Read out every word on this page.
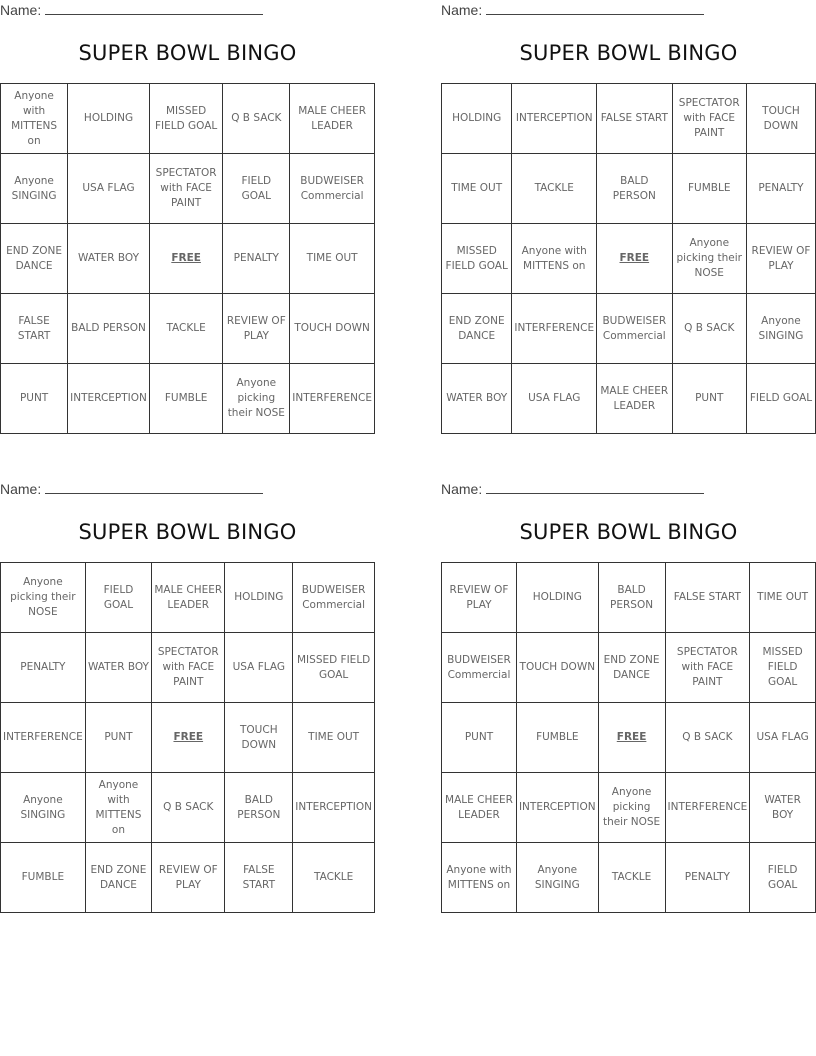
Name:
SUPER BOWL BINGO
Anyone with MITTENS on	HOLDING	MISSED FIELD GOAL	Q B SACK	MALE CHEER LEADER
Anyone SINGING	USA FLAG	SPECTATOR with FACE PAINT	FIELD GOAL	BUDWEISER Commercial
END ZONE DANCE	WATER BOY	FREE	PENALTY	TIME OUT
FALSE START	BALD PERSON	TACKLE	REVIEW OF PLAY	TOUCH DOWN
PUNT	INTERCEPTION	FUMBLE	Anyone picking their NOSE	INTERFERENCE
Name:
SUPER BOWL BINGO
HOLDING	INTERCEPTION	FALSE START	SPECTATOR with FACE PAINT	TOUCH DOWN
TIME OUT	TACKLE	BALD PERSON	FUMBLE	PENALTY
MISSED FIELD GOAL	Anyone with MITTENS on	FREE	Anyone picking their NOSE	REVIEW OF PLAY
END ZONE DANCE	INTERFERENCE	BUDWEISER Commercial	Q B SACK	Anyone SINGING
WATER BOY	USA FLAG	MALE CHEER LEADER	PUNT	FIELD GOAL
Name:
SUPER BOWL BINGO
Anyone picking their NOSE	FIELD GOAL	MALE CHEER LEADER	HOLDING	BUDWEISER Commercial
PENALTY	WATER BOY	SPECTATOR with FACE PAINT	USA FLAG	MISSED FIELD GOAL
INTERFERENCE	PUNT	FREE	TOUCH DOWN	TIME OUT
Anyone SINGING	Anyone with MITTENS on	Q B SACK	BALD PERSON	INTERCEPTION
FUMBLE	END ZONE DANCE	REVIEW OF PLAY	FALSE START	TACKLE
Name:
SUPER BOWL BINGO
REVIEW OF PLAY	HOLDING	BALD PERSON	FALSE START	TIME OUT
BUDWEISER Commercial	TOUCH DOWN	END ZONE DANCE	SPECTATOR with FACE PAINT	MISSED FIELD GOAL
PUNT	FUMBLE	FREE	Q B SACK	USA FLAG
MALE CHEER LEADER	INTERCEPTION	Anyone picking their NOSE	INTERFERENCE	WATER BOY
Anyone with MITTENS on	Anyone SINGING	TACKLE	PENALTY	FIELD GOAL
